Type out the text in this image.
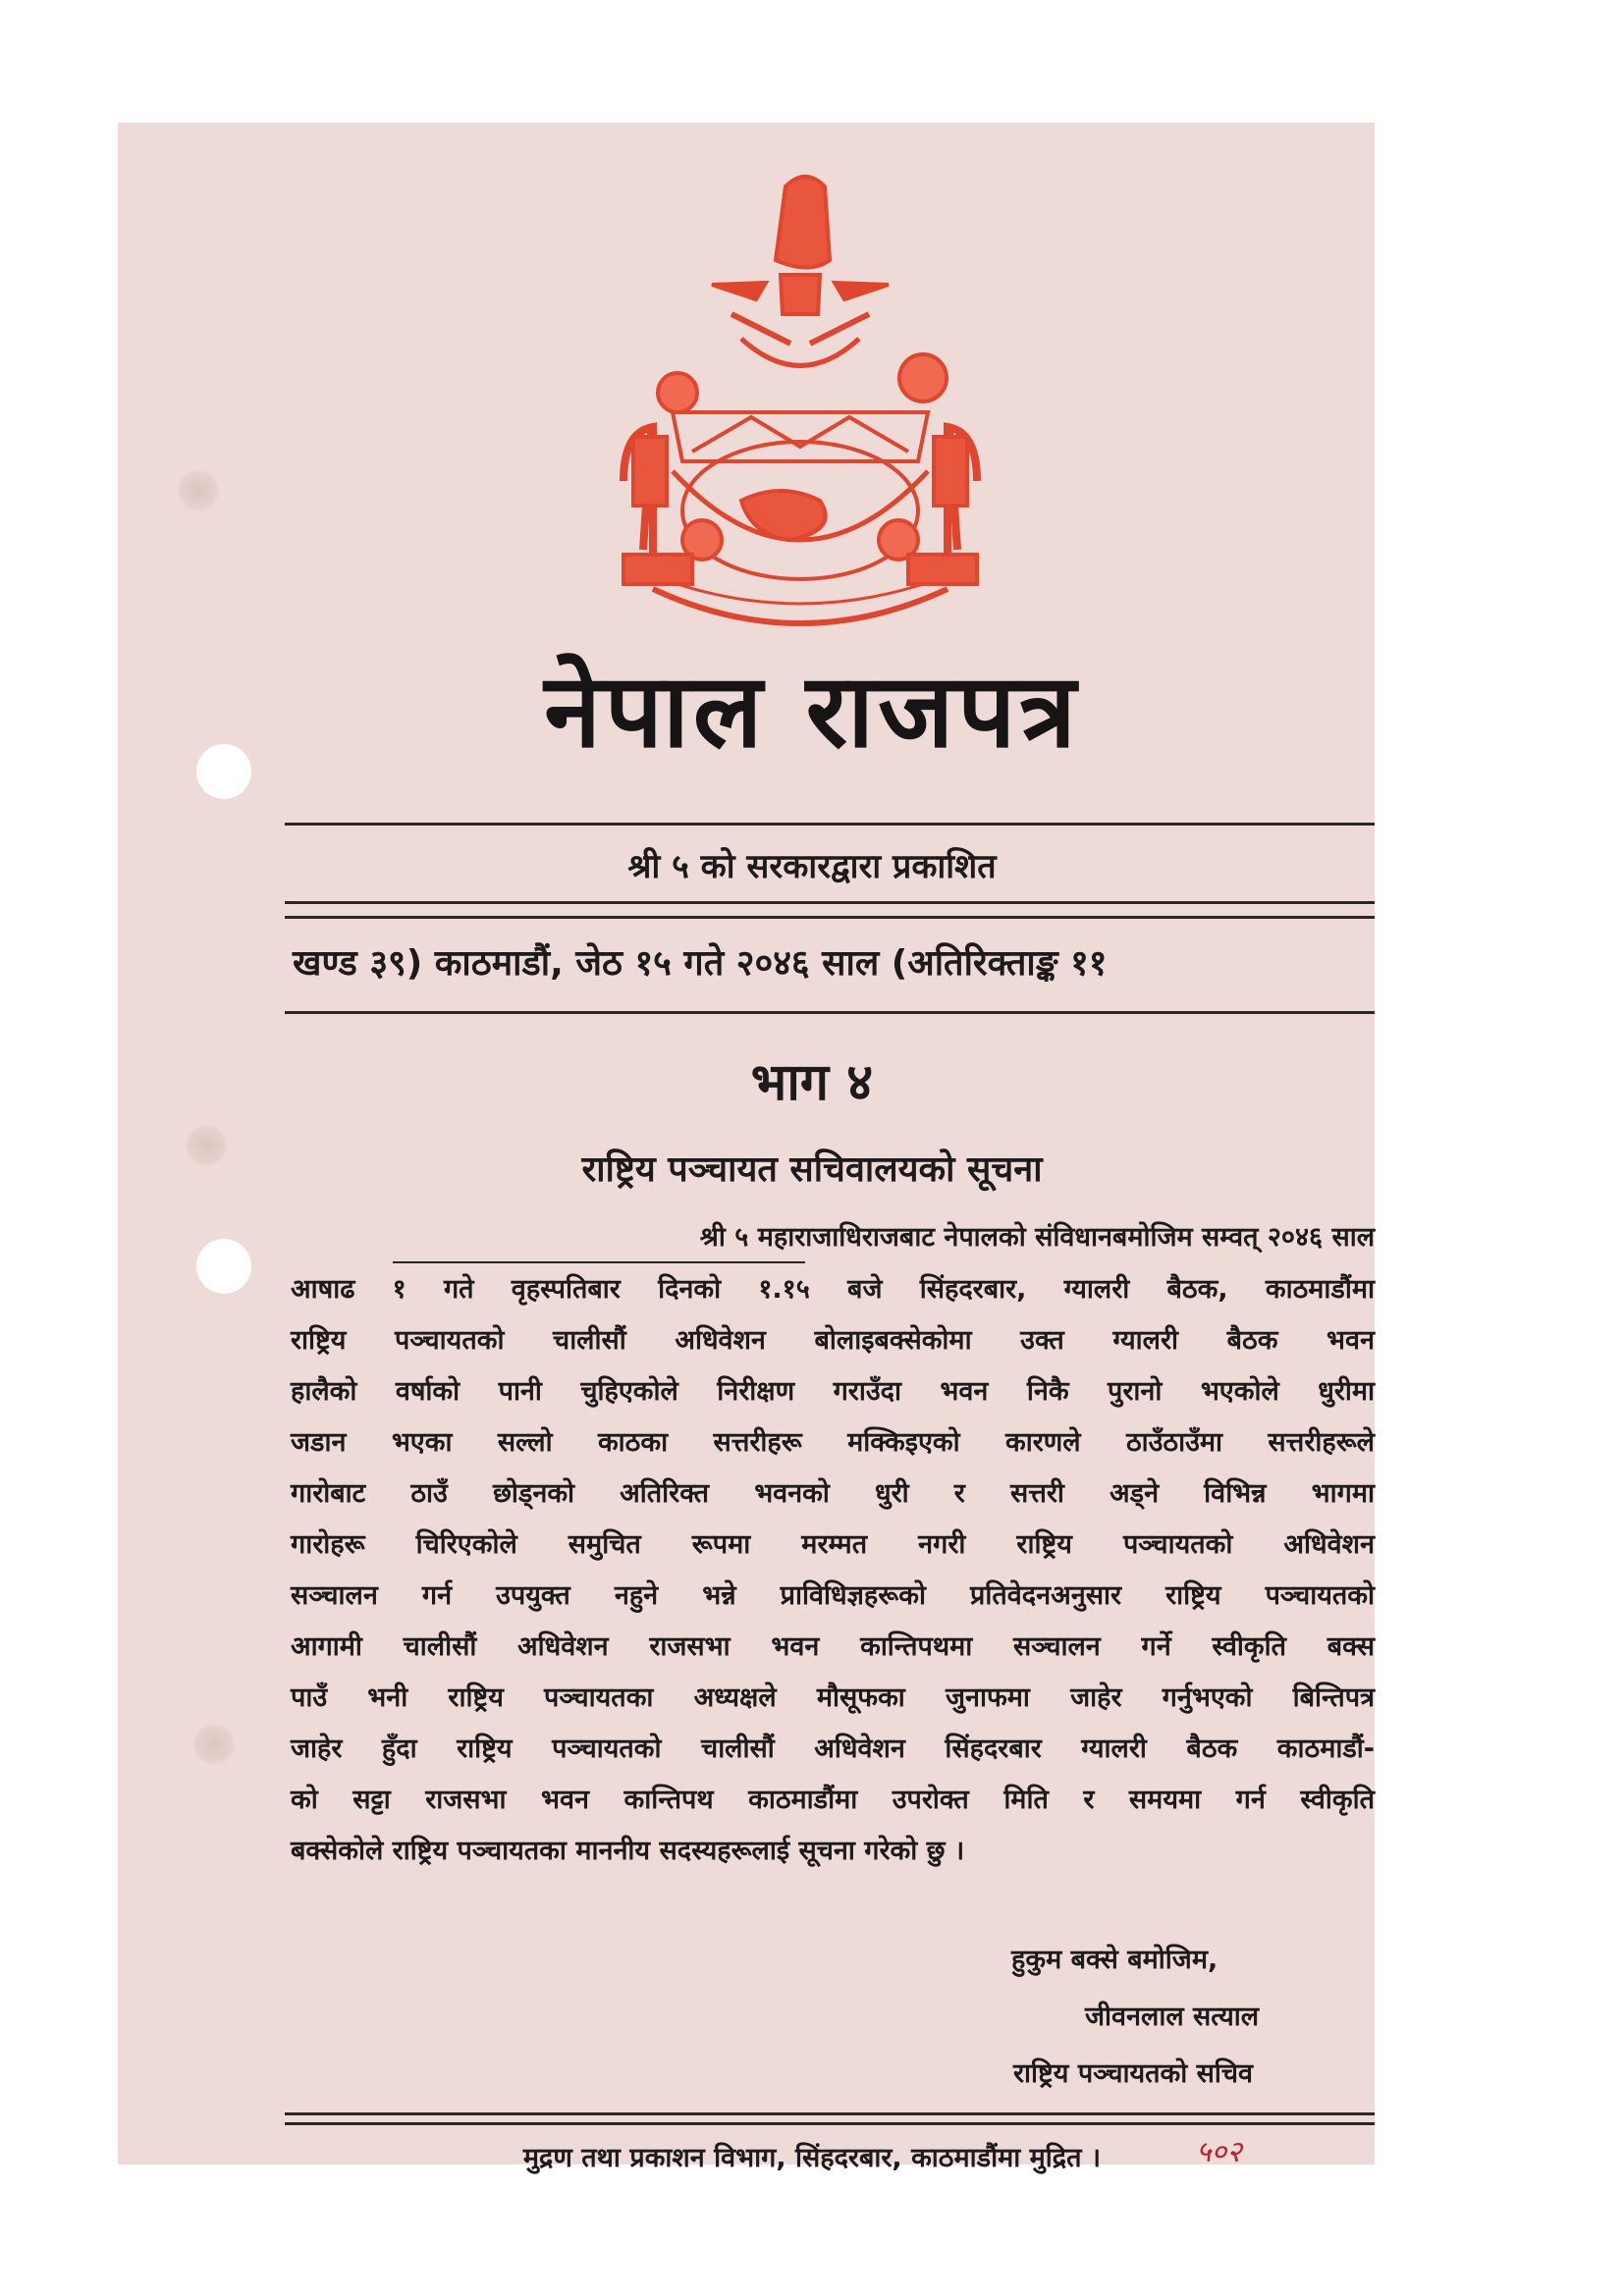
नेपाल राजपत्र
श्री ५ को सरकारद्वारा प्रकाशित
खण्ड ३९) काठमाडौं, जेठ १५ गते २०४६ साल (अतिरिक्ताङ्क ११
भाग ४
राष्ट्रिय पञ्चायत सचिवालयको सूचना
श्री ५ महाराजाधिराजबाट नेपालको संविधानबमोजिम सम्वत् २०४६ साल
आषाढ १ गते वृहस्पतिबार दिनको १.१५ बजे सिंहदरबार, ग्यालरी बैठक, काठमाडौंमा
राष्ट्रिय पञ्चायतको चालीसौं अधिवेशन बोलाइबक्सेकोमा उक्त ग्यालरी बैठक भवन
हालैको वर्षाको पानी चुहिएकोले निरीक्षण गराउँदा भवन निकै पुरानो भएकोले धुरीमा
जडान भएका सल्लो काठका सत्तरीहरू मक्किइएको कारणले ठाउँठाउँमा सत्तरीहरूले
गारोबाट ठाउँ छोड्नको अतिरिक्त भवनको धुरी र सत्तरी अड्ने विभिन्न भागमा
गारोहरू चिरिएकोले समुचित रूपमा मरम्मत नगरी राष्ट्रिय पञ्चायतको अधिवेशन
सञ्चालन गर्न उपयुक्त नहुने भन्ने प्राविधिज्ञहरूको प्रतिवेदनअनुसार राष्ट्रिय पञ्चायतको
आगामी चालीसौं अधिवेशन राजसभा भवन कान्तिपथमा सञ्चालन गर्ने स्वीकृति बक्स
पाउँ भनी राष्ट्रिय पञ्चायतका अध्यक्षले मौसूफका जुनाफमा जाहेर गर्नुभएको बिन्तिपत्र
जाहेर हुँदा राष्ट्रिय पञ्चायतको चालीसौं अधिवेशन सिंहदरबार ग्यालरी बैठक काठमाडौं-
को सट्टा राजसभा भवन कान्तिपथ काठमाडौंमा उपरोक्त मिति र समयमा गर्न स्वीकृति
बक्सेकोले राष्ट्रिय पञ्चायतका माननीय सदस्यहरूलाई सूचना गरेको छु ।
हुकुम बक्से बमोजिम,
जीवनलाल सत्याल
राष्ट्रिय पञ्चायतको सचिव
मुद्रण तथा प्रकाशन विभाग, सिंहदरबार, काठमाडौंमा मुद्रित ।	५०२
